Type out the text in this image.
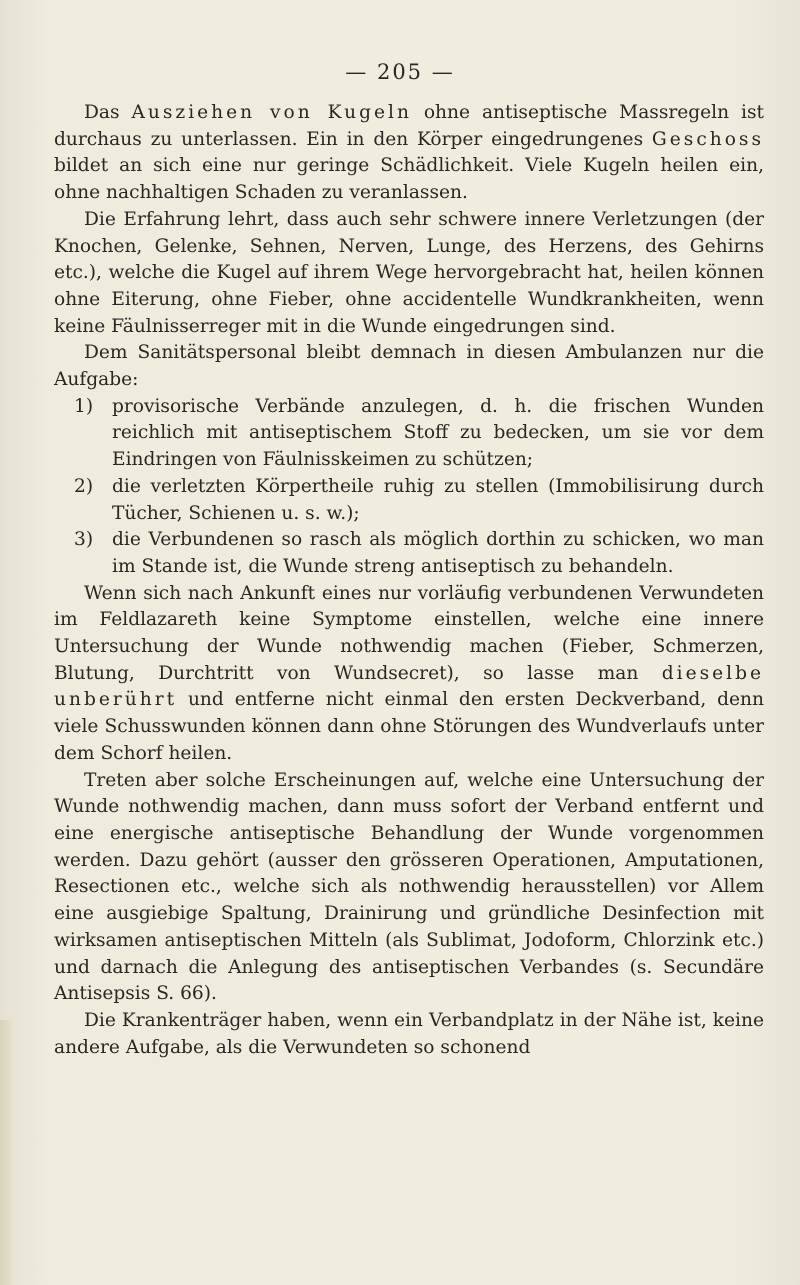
— 205 —

Das Ausziehen von Kugeln ohne antiseptische Massregeln ist durchaus zu unterlassen. Ein in den Körper eingedrungenes Geschoss bildet an sich eine nur geringe Schädlichkeit. Viele Kugeln heilen ein, ohne nachhaltigen Schaden zu veranlassen.

Die Erfahrung lehrt, dass auch sehr schwere innere Verletzungen (der Knochen, Gelenke, Sehnen, Nerven, Lunge, des Herzens, des Gehirns etc.), welche die Kugel auf ihrem Wege hervorgebracht hat, heilen können ohne Eiterung, ohne Fieber, ohne accidentelle Wundkrankheiten, wenn keine Fäulnisserreger mit in die Wunde eingedrungen sind.

Dem Sanitätspersonal bleibt demnach in diesen Ambulanzen nur die Aufgabe:

1) provisorische Verbände anzulegen, d. h. die frischen Wunden reichlich mit antiseptischem Stoff zu bedecken, um sie vor dem Eindringen von Fäulnisskeimen zu schützen;
2) die verletzten Körpertheile ruhig zu stellen (Immobilisirung durch Tücher, Schienen u. s. w.);
3) die Verbundenen so rasch als möglich dorthin zu schicken, wo man im Stande ist, die Wunde streng antiseptisch zu behandeln.

Wenn sich nach Ankunft eines nur vorläufig verbundenen Verwundeten im Feldlazareth keine Symptome einstellen, welche eine innere Untersuchung der Wunde nothwendig machen (Fieber, Schmerzen, Blutung, Durchtritt von Wundsecret), so lasse man dieselbe unberührt und entferne nicht einmal den ersten Deckverband, denn viele Schusswunden können dann ohne Störungen des Wundverlaufs unter dem Schorf heilen.

Treten aber solche Erscheinungen auf, welche eine Untersuchung der Wunde nothwendig machen, dann muss sofort der Verband entfernt und eine energische antiseptische Behandlung der Wunde vorgenommen werden. Dazu gehört (ausser den grösseren Operationen, Amputationen, Resectionen etc., welche sich als nothwendig herausstellen) vor Allem eine ausgiebige Spaltung, Drainirung und gründliche Desinfection mit wirksamen antiseptischen Mitteln (als Sublimat, Jodoform, Chlorzink etc.) und darnach die Anlegung des antiseptischen Verbandes (s. Secundäre Antisepsis S. 66).

Die Krankenträger haben, wenn ein Verbandplatz in der Nähe ist, keine andere Aufgabe, als die Verwundeten so schonend
